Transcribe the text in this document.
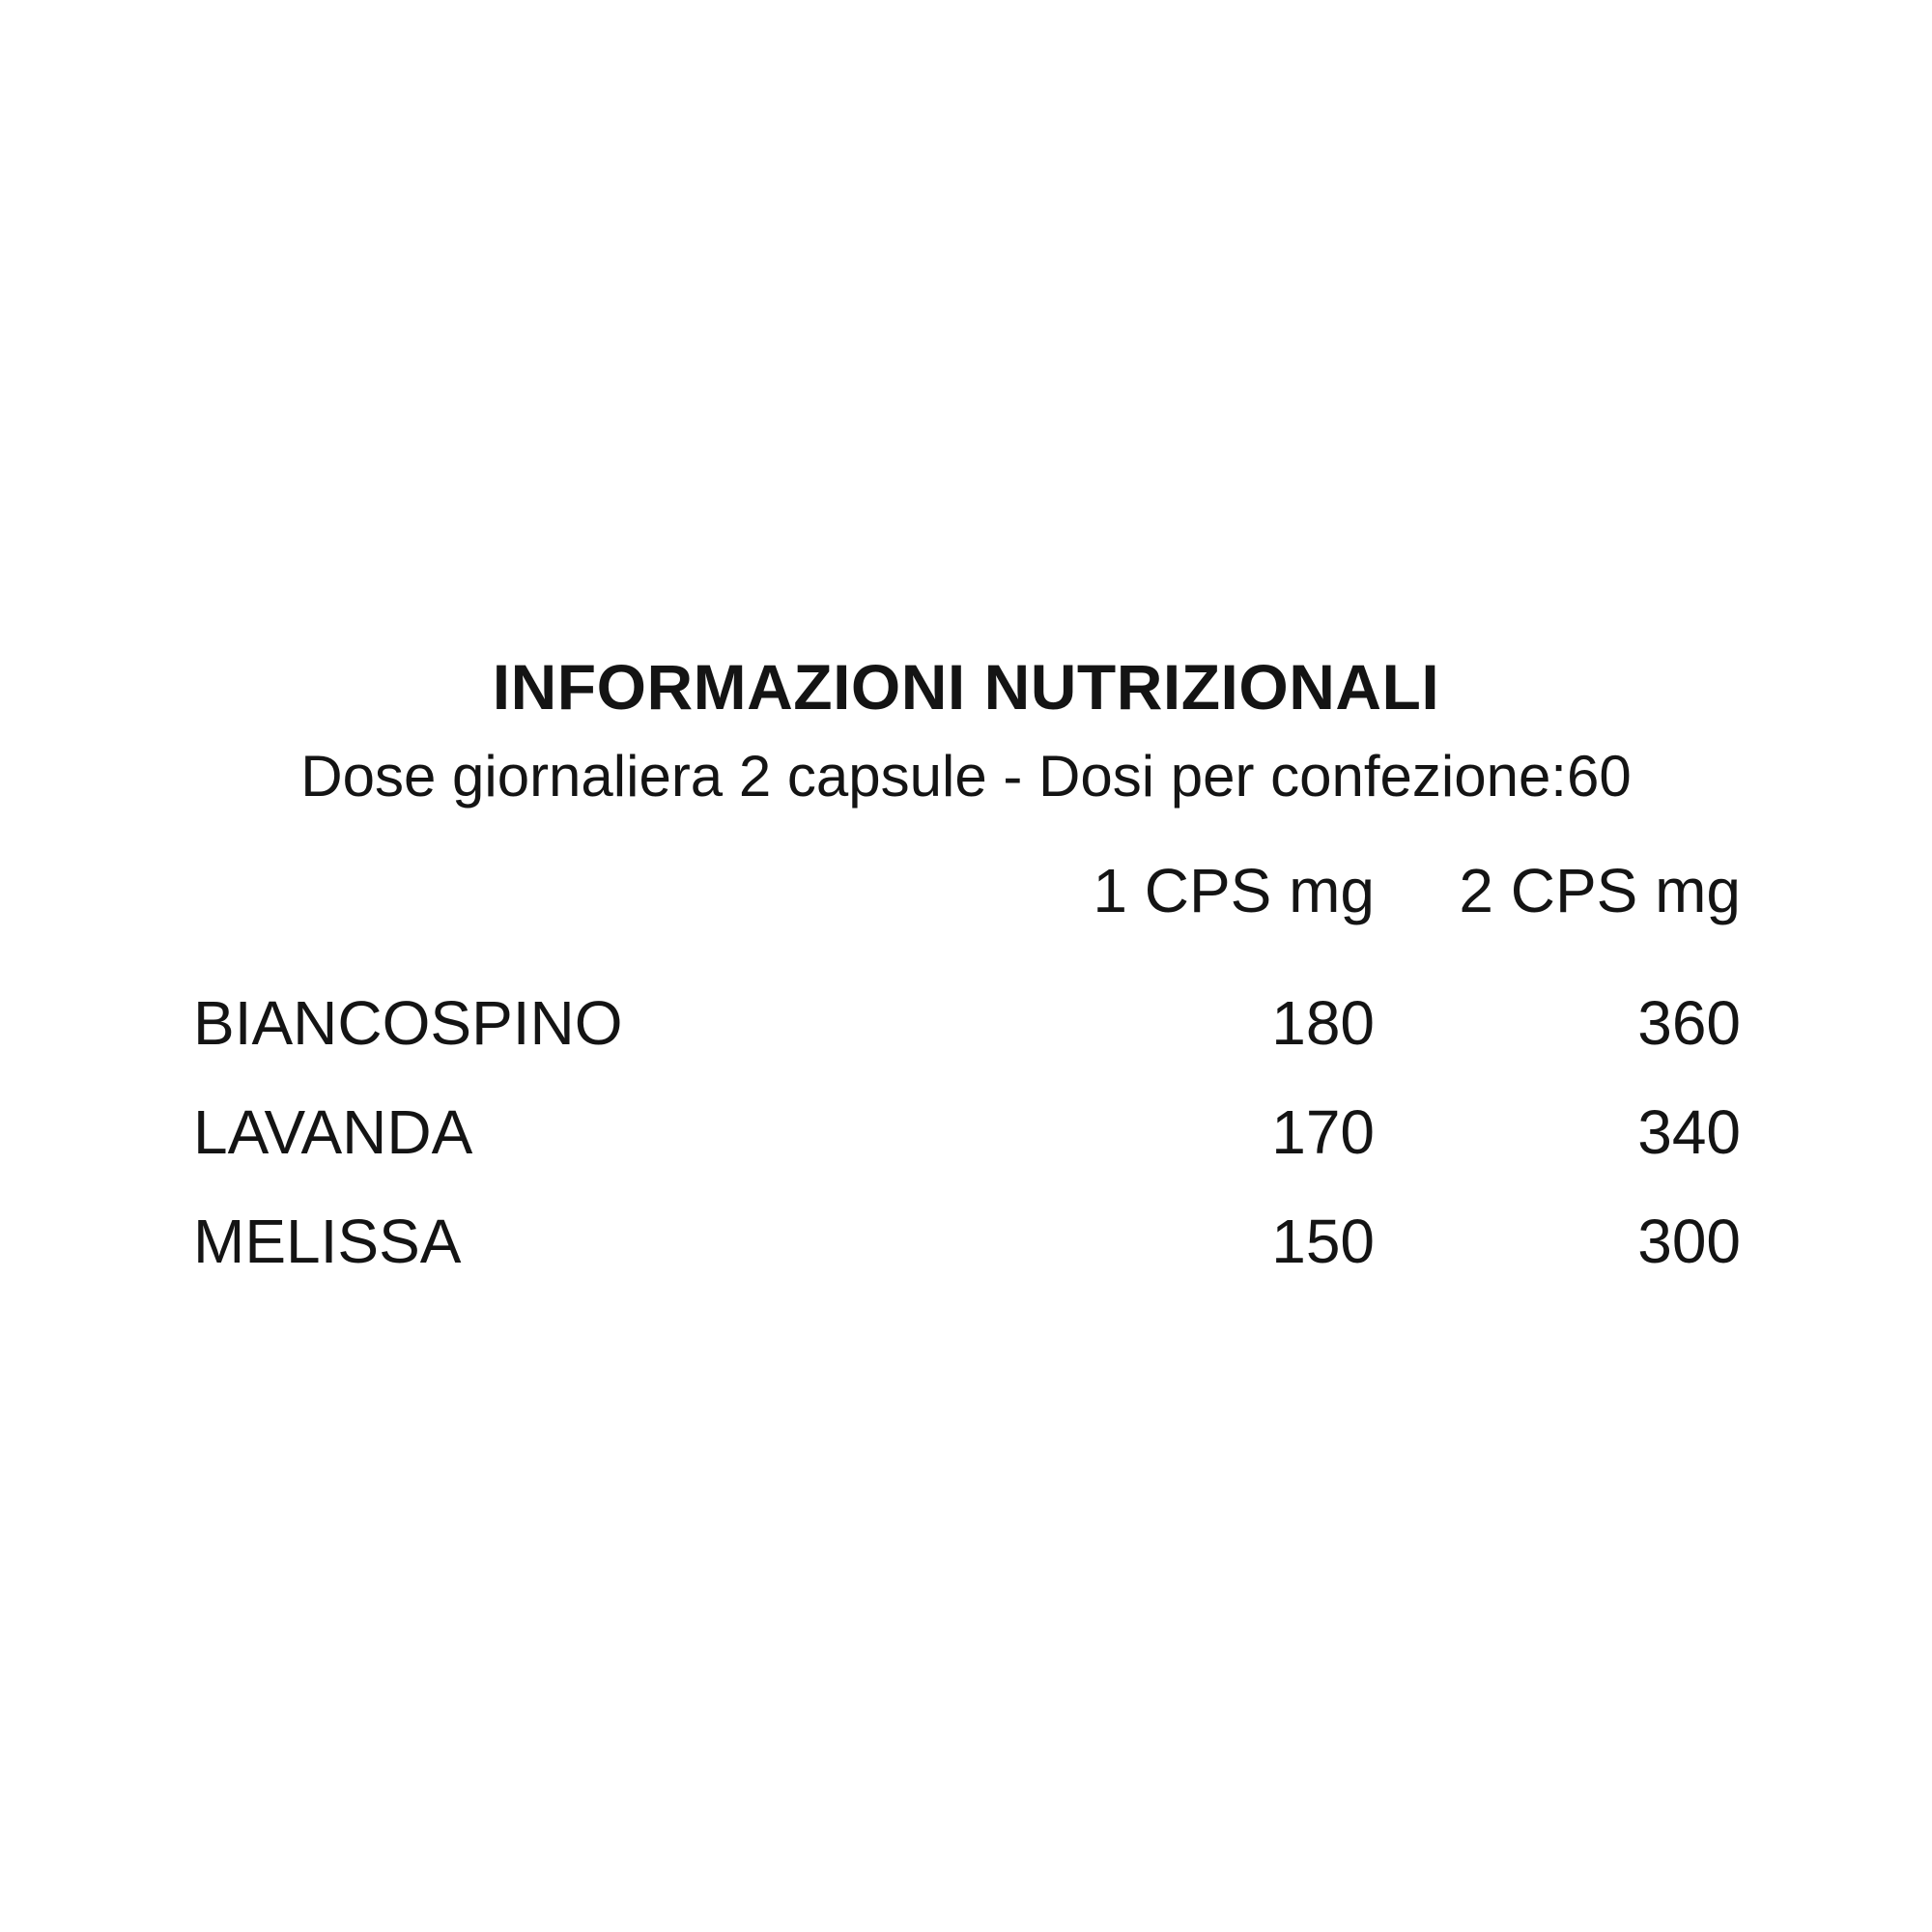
INFORMAZIONI NUTRIZIONALI
Dose giornaliera 2 capsule - Dosi per confezione:60
1 CPS mg	2 CPS mg
BIANCOSPINO	180	360
LAVANDA	170	340
MELISSA	150	300
